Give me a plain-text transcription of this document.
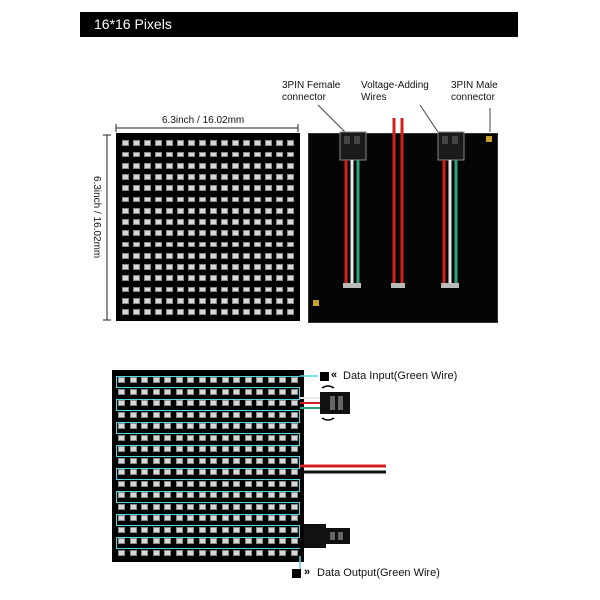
16*16 Pixels
6.3inch / 16.02mm
6.3inch / 16.02mm
3PIN Female
connector
Voltage-Adding
Wires
3PIN Male
connector
« Data Input(Green Wire)
» Data Output(Green Wire)
